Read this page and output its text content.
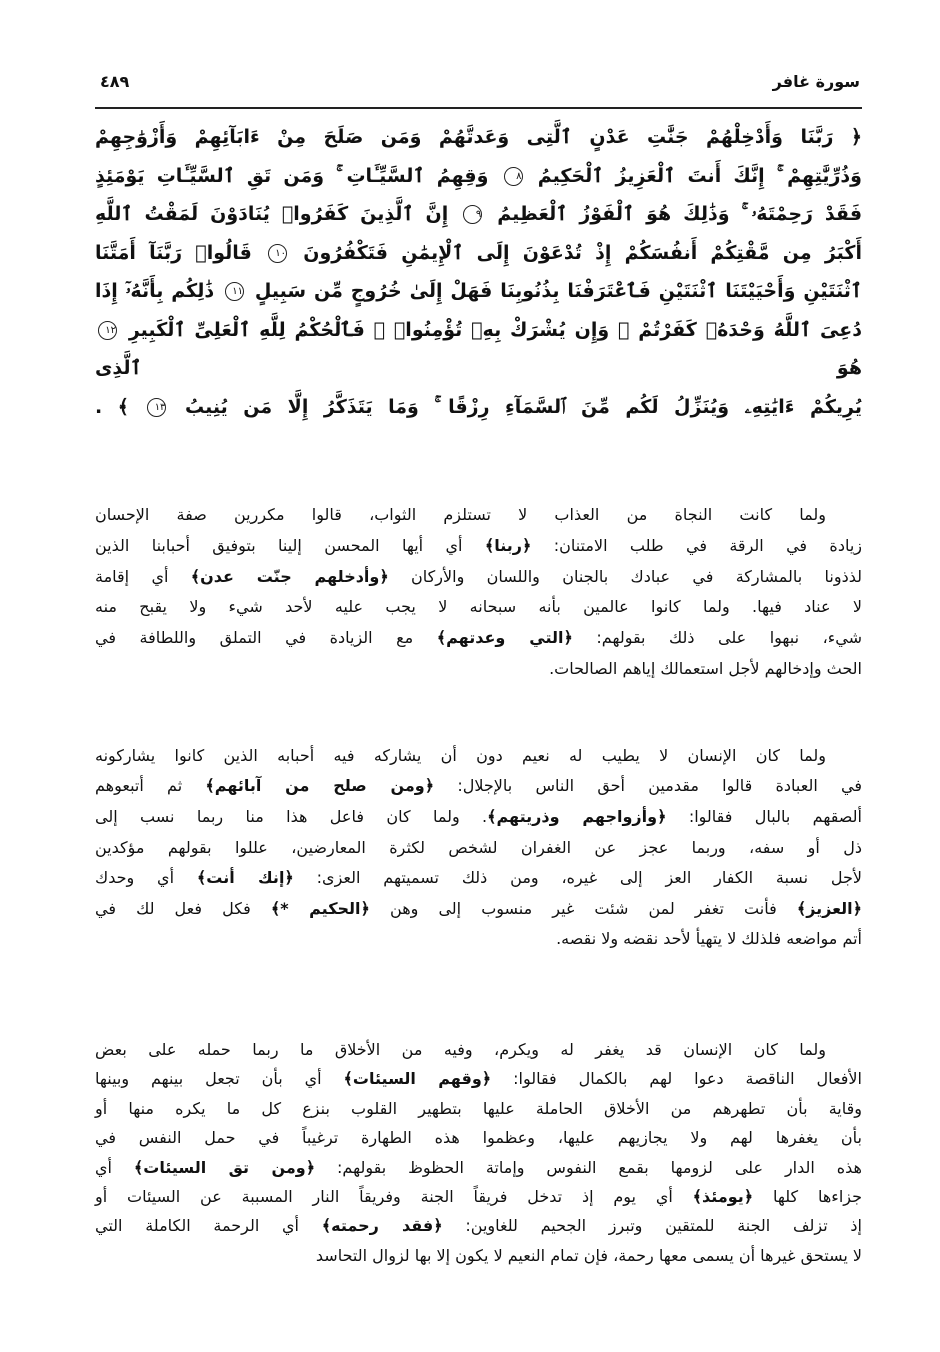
٤٨٩	سورة غافر
﴿ رَبَّنَا وَأَدْخِلْهُمْ جَنَّٰتِ عَدْنٍ ٱلَّتِى وَعَدتَّهُمْ وَمَن صَلَحَ مِنْ ءَابَآئِهِمْ وَأَزْوَٰجِهِمْ
وَذُرِّيَّٰتِهِمْ ۚ إِنَّكَ أَنتَ ٱلْعَزِيزُ ٱلْحَكِيمُ ٨ وَقِهِمُ ٱلسَّيِّـَٔاتِ ۚ وَمَن تَقِ ٱلسَّيِّـَٔاتِ يَوْمَئِذٍ
فَقَدْ رَحِمْتَهُۥ ۚ وَذَٰلِكَ هُوَ ٱلْفَوْزُ ٱلْعَظِيمُ ٩ إِنَّ ٱلَّذِينَ كَفَرُوا۟ يُنَادَوْنَ لَمَقْتُ ٱللَّهِ
أَكْبَرُ مِن مَّقْتِكُمْ أَنفُسَكُمْ إِذْ تُدْعَوْنَ إِلَى ٱلْإِيمَٰنِ فَتَكْفُرُونَ ١٠ قَالُوا۟ رَبَّنَآ أَمَتَّنَا
ٱثْنَتَيْنِ وَأَحْيَيْتَنَا ٱثْنَتَيْنِ فَٱعْتَرَفْنَا بِذُنُوبِنَا فَهَلْ إِلَىٰ خُرُوجٍ مِّن سَبِيلٍ ١١ ذَٰلِكُم بِأَنَّهُۥٓ إِذَا
دُعِىَ ٱللَّهُ وَحْدَهُۥ كَفَرْتُمْ ۖ وَإِن يُشْرَكْ بِهِۦ تُؤْمِنُوا۟ ۚ فَٱلْحُكْمُ لِلَّهِ ٱلْعَلِىِّ ٱلْكَبِيرِ ١٢ هُوَ ٱلَّذِى
يُرِيكُمْ ءَايَٰتِهِۦ وَيُنَزِّلُ لَكُم مِّنَ ٱلسَّمَآءِ رِزْقًا ۚ وَمَا يَتَذَكَّرُ إِلَّا مَن يُنِيبُ ١٣ ﴾ .
ولما كانت النجاة من العذاب لا تستلزم الثواب، قالوا مكررين صفة الإحسان
زيادة في الرقة في طلب الامتنان: ﴿ربنا﴾ أي أيها المحسن إلينا بتوفيق أحبابنا الذين
لذذونا بالمشاركة في عبادك بالجنان واللسان والأركان ﴿وأدخلهم جنّت عدن﴾ أي إقامة
لا عناد فيها. ولما كانوا عالمين بأنه سبحانه لا يجب عليه لأحد شيء ولا يقبح منه
شيء، نبهوا على ذلك بقولهم: ﴿التي وعدتهم﴾ مع الزيادة في التملق واللطافة في
الحث وإدخالهم لأجل استعمالك إياهم الصالحات.
ولما كان الإنسان لا يطيب له نعيم دون أن يشاركه فيه أحبابه الذين كانوا يشاركونه
في العبادة قالوا مقدمين أحق الناس بالإجلال: ﴿ومن صلح من آبائهم﴾ ثم أتبعوهم
ألصقهم بالبال فقالوا: ﴿وأزواجهم وذريتهم﴾. ولما كان فاعل هذا منا ربما نسب إلى
ذل أو سفه، وربما عجز عن الغفران لشخص لكثرة المعارضين، عللوا بقولهم مؤكدين
لأجل نسبة الكفار العز إلى غيره، ومن ذلك تسميتهم العزى: ﴿إنك أنت﴾ أي وحدك
﴿العزيز﴾ فأنت تغفر لمن شئت غير منسوب إلى وهن ﴿الحكيم *﴾ فكل فعل لك في
أتم مواضعه فلذلك لا يتهيأ لأحد نقضه ولا نقصه.
ولما كان الإنسان قد يغفر له ويكرم، وفيه من الأخلاق ما ربما حمله على بعض
الأفعال الناقصة دعوا لهم بالكمال فقالوا: ﴿وقهم السيئات﴾ أي بأن تجعل بينهم وبينها
وقاية بأن تطهرهم من الأخلاق الحاملة عليها بتطهير القلوب بنزع كل ما يكره منها أو
بأن يغفرها لهم ولا يجازيهم عليها، وعظموا هذه الطهارة ترغيباً في حمل النفس في
هذه الدار على لزومها بقمع النفوس وإماتة الحظوظ بقولهم: ﴿ومن تق السيئات﴾ أي
جزاءها كلها ﴿يومئذ﴾ أي يوم إذ تدخل فريقاً الجنة وفريقاً النار المسببة عن السيئات أو
إذ تزلف الجنة للمتقين وتبرز الجحيم للغاوين: ﴿فقد رحمته﴾ أي الرحمة الكاملة التي
لا يستحق غيرها أن يسمى معها رحمة، فإن تمام النعيم لا يكون إلا بها لزوال التحاسد
